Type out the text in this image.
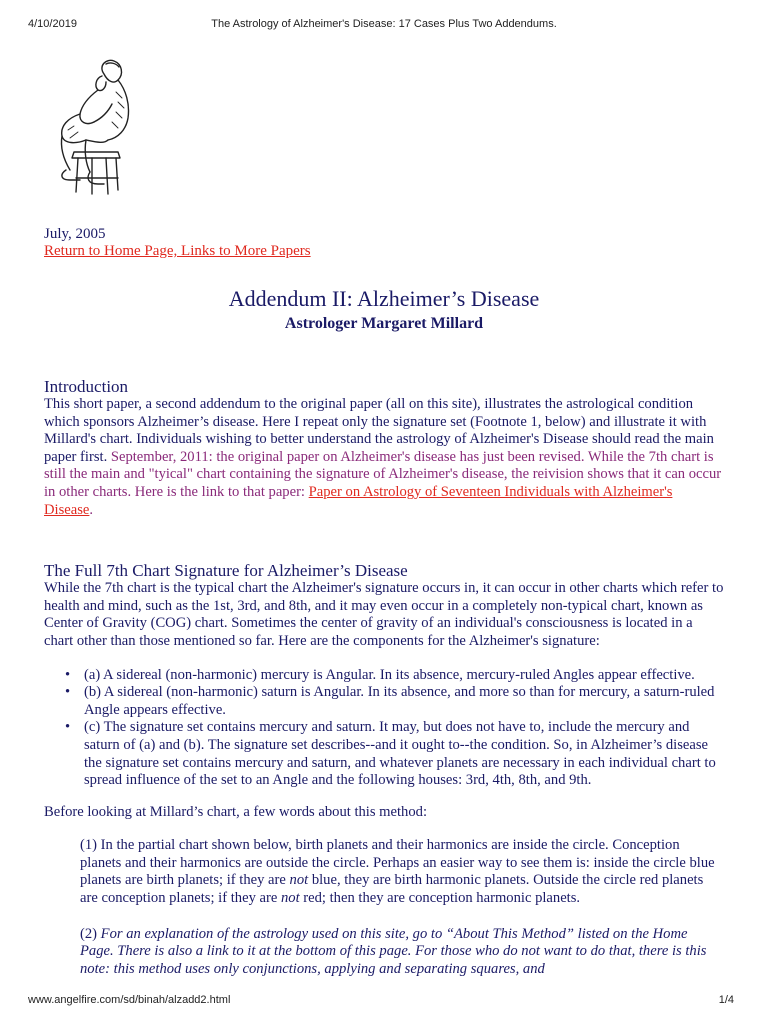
4/10/2019	The Astrology of Alzheimer's Disease: 17 Cases Plus Two Addendums.
July, 2005
Return to Home Page, Links to More Papers
Addendum II: Alzheimer’s Disease
Astrologer Margaret Millard
Introduction
This short paper, a second addendum to the original paper (all on this site), illustrates the astrological condition which sponsors Alzheimer’s disease. Here I repeat only the signature set (Footnote 1, below) and illustrate it with Millard's chart. Individuals wishing to better understand the astrology of Alzheimer's Disease should read the main paper first. September, 2011: the original paper on Alzheimer's disease has just been revised. While the 7th chart is still the main and "tyical" chart containing the signature of Alzheimer's disease, the reivision shows that it can occur in other charts. Here is the link to that paper: Paper on Astrology of Seventeen Individuals with Alzheimer's Disease.
The Full 7th Chart Signature for Alzheimer’s Disease
While the 7th chart is the typical chart the Alzheimer's signature occurs in, it can occur in other charts which refer to health and mind, such as the 1st, 3rd, and 8th, and it may even occur in a completely non-typical chart, known as Center of Gravity (COG) chart. Sometimes the center of gravity of an individual's consciousness is located in a chart other than those mentioned so far. Here are the components for the Alzheimer's signature:
• (a) A sidereal (non-harmonic) mercury is Angular. In its absence, mercury-ruled Angles appear effective.
• (b) A sidereal (non-harmonic) saturn is Angular. In its absence, and more so than for mercury, a saturn-ruled Angle appears effective.
• (c) The signature set contains mercury and saturn. It may, but does not have to, include the mercury and saturn of (a) and (b). The signature set describes--and it ought to--the condition. So, in Alzheimer’s disease the signature set contains mercury and saturn, and whatever planets are necessary in each individual chart to spread influence of the set to an Angle and the following houses: 3rd, 4th, 8th, and 9th.
Before looking at Millard’s chart, a few words about this method:
(1) In the partial chart shown below, birth planets and their harmonics are inside the circle. Conception planets and their harmonics are outside the circle. Perhaps an easier way to see them is: inside the circle blue planets are birth planets; if they are not blue, they are birth harmonic planets. Outside the circle red planets are conception planets; if they are not red; then they are conception harmonic planets.
(2) For an explanation of the astrology used on this site, go to “About This Method” listed on the Home Page. There is also a link to it at the bottom of this page. For those who do not want to do that, there is this note: this method uses only conjunctions, applying and separating squares, and
www.angelfire.com/sd/binah/alzadd2.html	1/4
